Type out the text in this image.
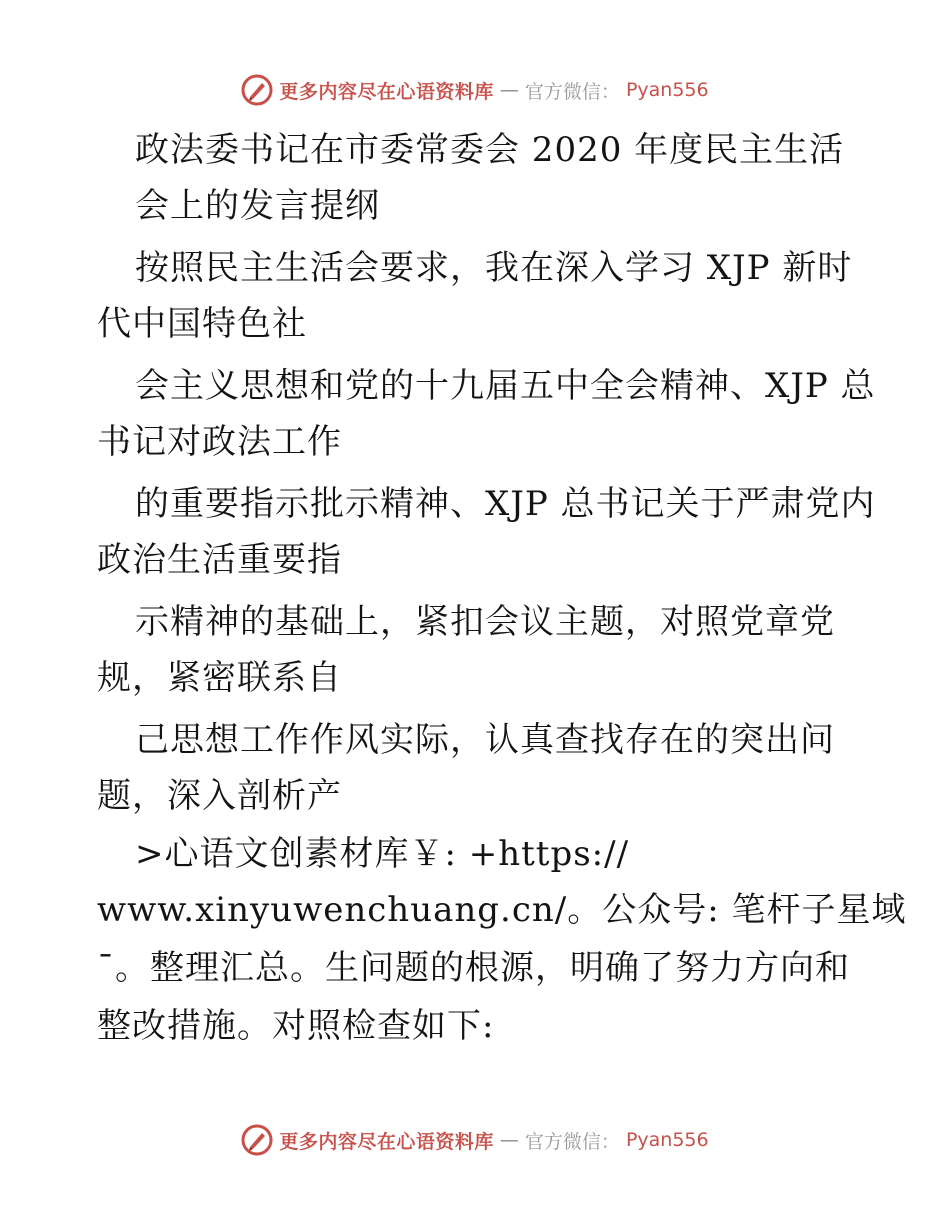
更多内容尽在心语资料库 — 官方微信： Pyan556
政法委书记在市委常委会 2020 年度民主生活
会上的发言提纲
按照民主生活会要求，我在深入学习 XJP 新时
代中国特色社
会主义思想和党的十九届五中全会精神、XJP 总
书记对政法工作
的重要指示批示精神、XJP 总书记关于严肃党内
政治生活重要指
示精神的基础上，紧扣会议主题，对照党章党
规，紧密联系自
己思想工作作风实际，认真查找存在的突出问
题，深入剖析产
>心语文创素材库￥: +https://
www.xinyuwenchuang.cn/。公众号: 笔杆子星域
¯。整理汇总。生问题的根源，明确了努力方向和
整改措施。对照检查如下:
更多内容尽在心语资料库 — 官方微信： Pyan556
